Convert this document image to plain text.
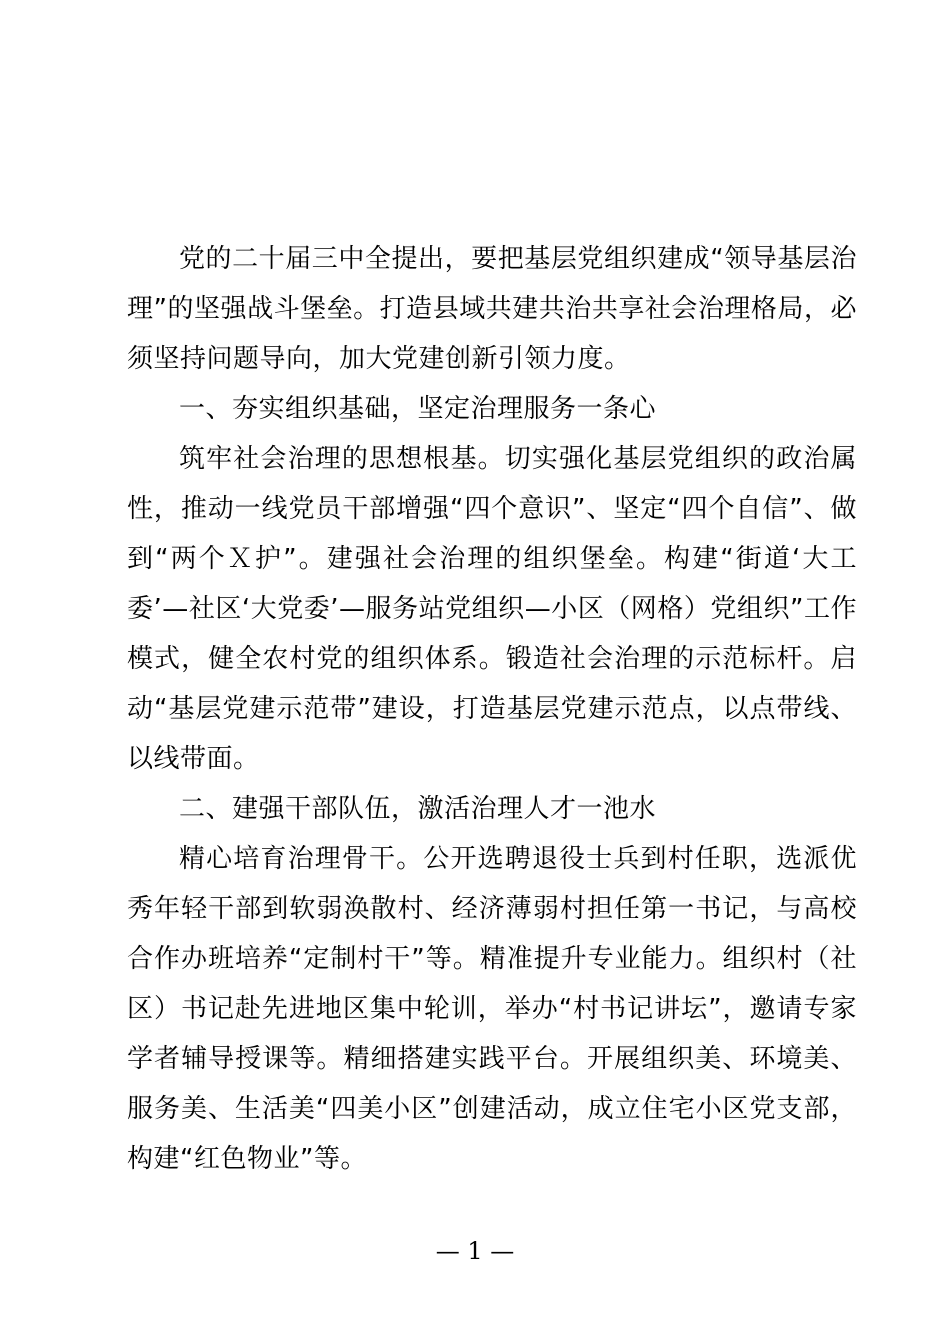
党的二十届三中全提出，要把基层党组织建成“领导基层治理”的坚强战斗堡垒。打造县域共建共治共享社会治理格局，必须坚持问题导向，加大党建创新引领力度。

一、夯实组织基础，坚定治理服务一条心

筑牢社会治理的思想根基。切实强化基层党组织的政治属性，推动一线党员干部增强“四个意识”、坚定“四个自信”、做到“两个Ｘ护”。建强社会治理的组织堡垒。构建“街道‘大工委’—社区‘大党委’—服务站党组织—小区（网格）党组织”工作模式，健全农村党的组织体系。锻造社会治理的示范标杆。启动“基层党建示范带”建设，打造基层党建示范点，以点带线、以线带面。

二、建强干部队伍，激活治理人才一池水

精心培育治理骨干。公开选聘退役士兵到村任职，选派优秀年轻干部到软弱涣散村、经济薄弱村担任第一书记，与高校合作办班培养“定制村干”等。精准提升专业能力。组织村（社区）书记赴先进地区集中轮训，举办“村书记讲坛”，邀请专家学者辅导授课等。精细搭建实践平台。开展组织美、环境美、服务美、生活美“四美小区”创建活动，成立住宅小区党支部，构建“红色物业”等。

— 1 —
